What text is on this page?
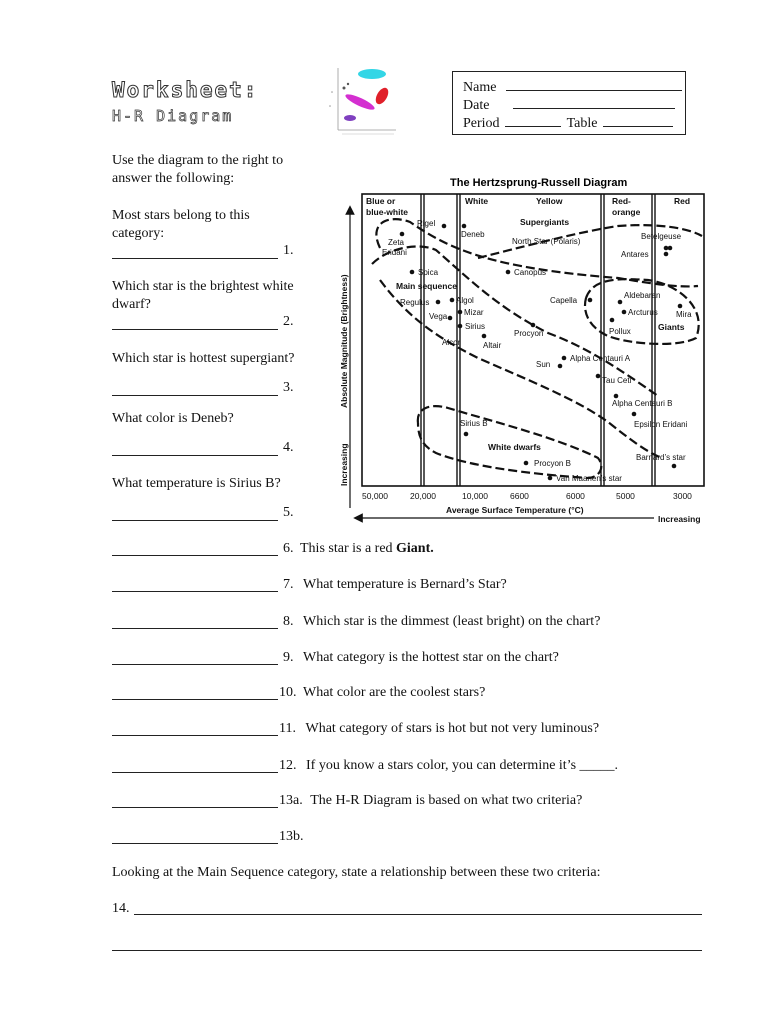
Worksheet:
H-R Diagram
Name
Date
Period	Table
Use the diagram to the right to answer the following:
Most stars belong to this category:
1.
Which star is the brightest white dwarf?
2.
Which star is hottest supergiant?
3.
What color is Deneb?
4.
What temperature is Sirius B?
5.
6. This star is a red Giant.
7. What temperature is Bernard’s Star?
8. Which star is the dimmest (least bright) on the chart?
9. What category is the hottest star on the chart?
10. What color are the coolest stars?
11. What category of stars is hot but not very luminous?
12. If you know a stars color, you can determine it’s _____.
13a. The H-R Diagram is based on what two criteria?
13b.
Looking at the Main Sequence category, state a relationship between these two criteria:
14.
The Hertzsprung-Russell Diagram
Blue or
blue-white
White	Yellow	Red-
orange
Red
Supergiants
Main sequence
Giants
White dwarfs
Rigel
Deneb
Zeta
Eridani
North Star (Polaris)
Betelgeuse
Antares
Spica	Canopus
Regulus	Algol	Capella
Aldebaran
Vega Mizar	Arcturus Mira
Sirius
Pollux
Procyon
Alcor	Altair
Alpha Centauri A
Sun
Tau Ceti
Alpha Centauri B
Sirius B	Epsilon Eridani
Procyon B
Barnard’s star
Van Maanen’s star
50,000	20,000	10,000	6600	6000	5000	3000
Average Surface Temperature (°C)
Increasing
Increasing
Absolute Magnitude (Brightness)
